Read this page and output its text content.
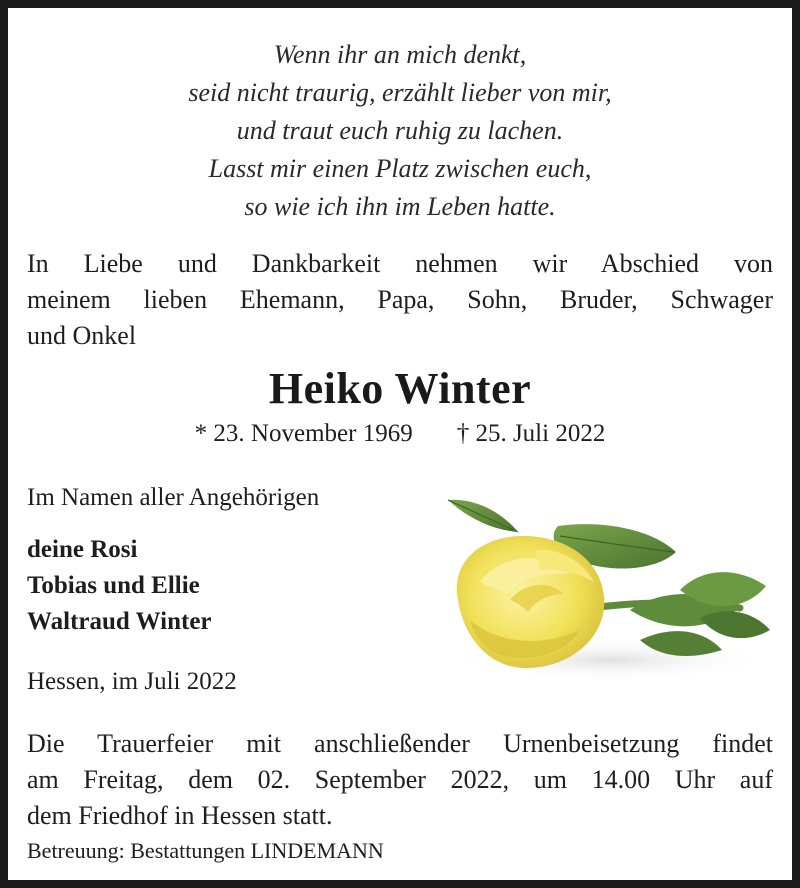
Wenn ihr an mich denkt,
seid nicht traurig, erzählt lieber von mir,
und traut euch ruhig zu lachen.
Lasst mir einen Platz zwischen euch,
so wie ich ihn im Leben hatte.
In Liebe und Dankbarkeit nehmen wir Abschied von
meinem lieben Ehemann, Papa, Sohn, Bruder, Schwager
und Onkel
Heiko Winter
* 23. November 1969 † 25. Juli 2022
Im Namen aller Angehörigen
deine Rosi
Tobias und Ellie
Waltraud Winter
Hessen, im Juli 2022
Die Trauerfeier mit anschließender Urnenbeisetzung findet
am Freitag, dem 02. September 2022, um 14.00 Uhr auf
dem Friedhof in Hessen statt.
Betreuung: Bestattungen LINDEMANN
